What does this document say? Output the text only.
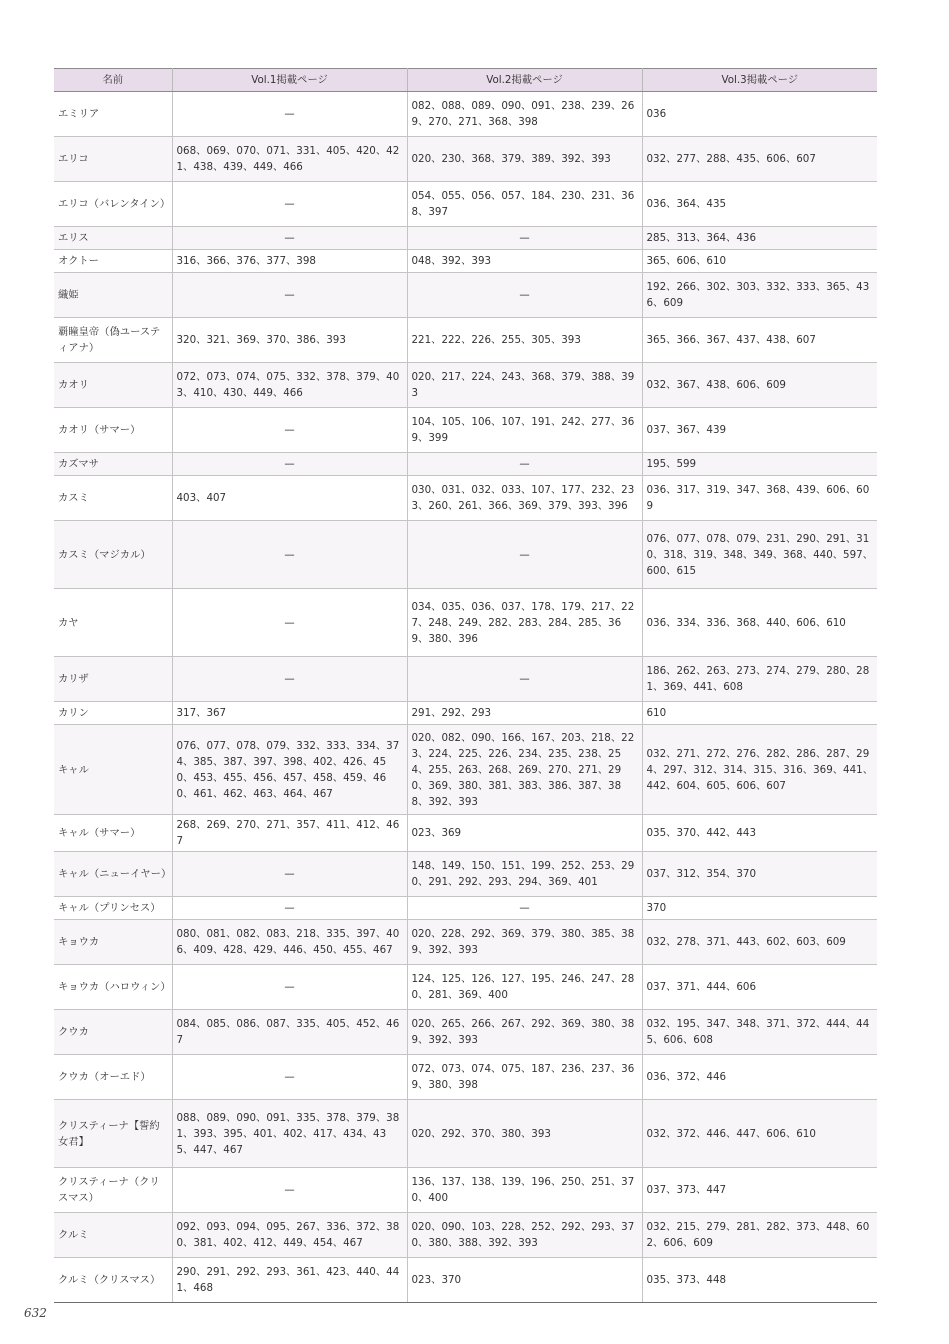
名前	Vol.1掲載ページ	Vol.2掲載ページ	Vol.3掲載ページ
エミリア	—	082、088、089、090、091、238、239、269、270、271、368、398	036
エリコ	068、069、070、071、331、405、420、421、438、439、449、466	020、230、368、379、389、392、393	032、277、288、435、606、607
エリコ（バレンタイン）	—	054、055、056、057、184、230、231、368、397	036、364、435
エリス	—	—	285、313、364、436
オクトー	316、366、376、377、398	048、392、393	365、606、610
織姫	—	—	192、266、302、303、332、333、365、436、609
覇瞳皇帝（偽ユースティアナ）	320、321、369、370、386、393	221、222、226、255、305、393	365、366、367、437、438、607
カオリ	072、073、074、075、332、378、379、403、410、430、449、466	020、217、224、243、368、379、388、393	032、367、438、606、609
カオリ（サマー）	—	104、105、106、107、191、242、277、369、399	037、367、439
カズマサ	—	—	195、599
カスミ	403、407	030、031、032、033、107、177、232、233、260、261、366、369、379、393、396	036、317、319、347、368、439、606、609
カスミ（マジカル）	—	—	076、077、078、079、231、290、291、310、318、319、348、349、368、440、597、600、615
カヤ	—	034、035、036、037、178、179、217、227、248、249、282、283、284、285、369、380、396	036、334、336、368、440、606、610
カリザ	—	—	186、262、263、273、274、279、280、281、369、441、608
カリン	317、367	291、292、293	610
キャル	076、077、078、079、332、333、334、374、385、387、397、398、402、426、450、453、455、456、457、458、459、460、461、462、463、464、467	020、082、090、166、167、203、218、223、224、225、226、234、235、238、254、255、263、268、269、270、271、290、369、380、381、383、386、387、388、392、393	032、271、272、276、282、286、287、294、297、312、314、315、316、369、441、442、604、605、606、607
キャル（サマー）	268、269、270、271、357、411、412、467	023、369	035、370、442、443
キャル（ニューイヤー）	—	148、149、150、151、199、252、253、290、291、292、293、294、369、401	037、312、354、370
キャル（プリンセス）	—	—	370
キョウカ	080、081、082、083、218、335、397、406、409、428、429、446、450、455、467	020、228、292、369、379、380、385、389、392、393	032、278、371、443、602、603、609
キョウカ（ハロウィン）	—	124、125、126、127、195、246、247、280、281、369、400	037、371、444、606
クウカ	084、085、086、087、335、405、452、467	020、265、266、267、292、369、380、389、392、393	032、195、347、348、371、372、444、445、606、608
クウカ（オーエド）	—	072、073、074、075、187、236、237、369、380、398	036、372、446
クリスティーナ【誓約女君】	088、089、090、091、335、378、379、381、393、395、401、402、417、434、435、447、467	020、292、370、380、393	032、372、446、447、606、610
クリスティーナ（クリスマス）	—	136、137、138、139、196、250、251、370、400	037、373、447
クルミ	092、093、094、095、267、336、372、380、381、402、412、449、454、467	020、090、103、228、252、292、293、370、380、388、392、393	032、215、279、281、282、373、448、602、606、609
クルミ（クリスマス）	290、291、292、293、361、423、440、441、468	023、370	035、373、448
632
